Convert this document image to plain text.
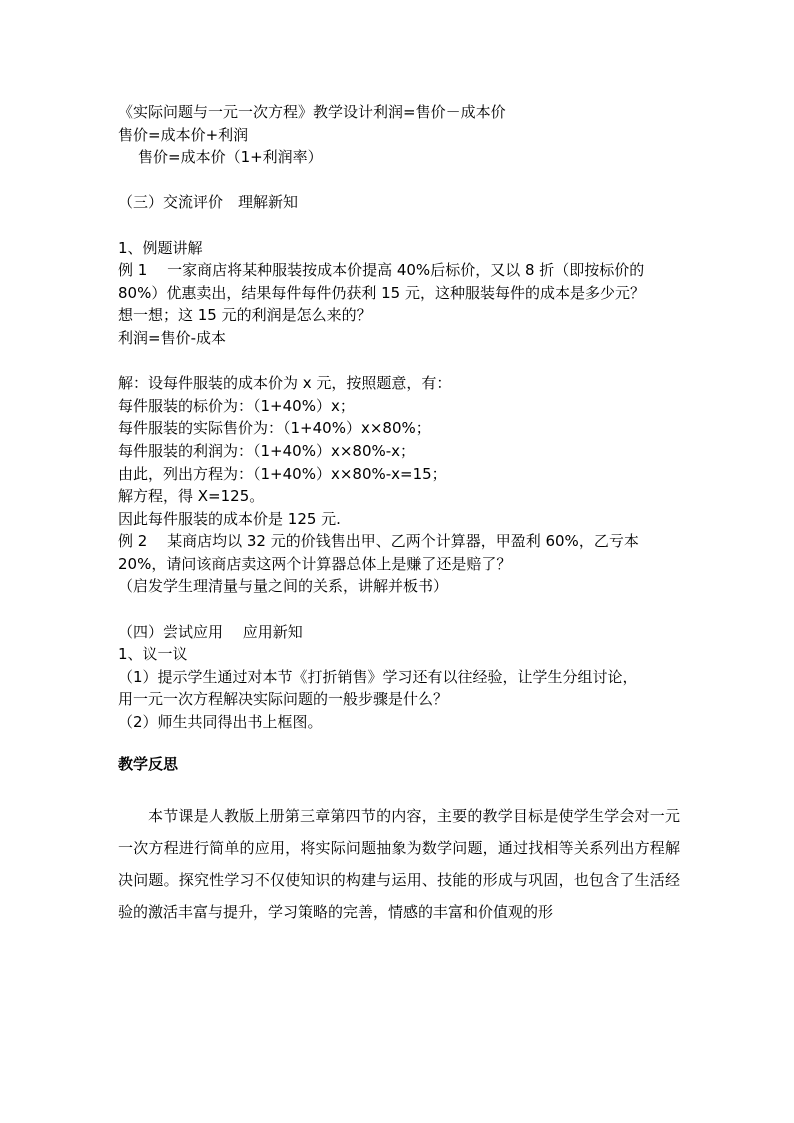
《实际问题与一元一次方程》教学设计利润=售价－成本价
售价=成本价+利润
售价=成本价（1+利润率）
（三）交流评价　理解新知
1、例题讲解
例 1　 一家商店将某种服装按成本价提高 40%后标价，又以 8 折（即按标价的
80%）优惠卖出，结果每件每件仍获利 15 元，这种服装每件的成本是多少元？
想一想；这 15 元的利润是怎么来的？
利润=售价-成本
解：设每件服装的成本价为 x 元，按照题意，有：
每件服装的标价为：（1+40%）x；
每件服装的实际售价为：（1+40%）x×80%；
每件服装的利润为：（1+40%）x×80%-x；
由此，列出方程为：（1+40%）x×80%-x=15；
解方程，得 X=125。
因此每件服装的成本价是 125 元.
例 2　 某商店均以 32 元的价钱售出甲、乙两个计算器，甲盈利 60%，乙亏本
20%，请问该商店卖这两个计算器总体上是赚了还是赔了？
（启发学生理清量与量之间的关系，讲解并板书）
（四）尝试应用　 应用新知
1、议一议
（1）提示学生通过对本节《打折销售》学习还有以往经验，让学生分组讨论，
用一元一次方程解决实际问题的一般步骤是什么？
（2）师生共同得出书上框图。
教学反思
本节课是人教版上册第三章第四节的内容，主要的教学目标是使学生学会对一元一次方程进行简单的应用，将实际问题抽象为数学问题，通过找相等关系列出方程解决问题。探究性学习不仅使知识的构建与运用、技能的形成与巩固，也包含了生活经验的激活丰富与提升，学习策略的完善，情感的丰富和价值观的形
